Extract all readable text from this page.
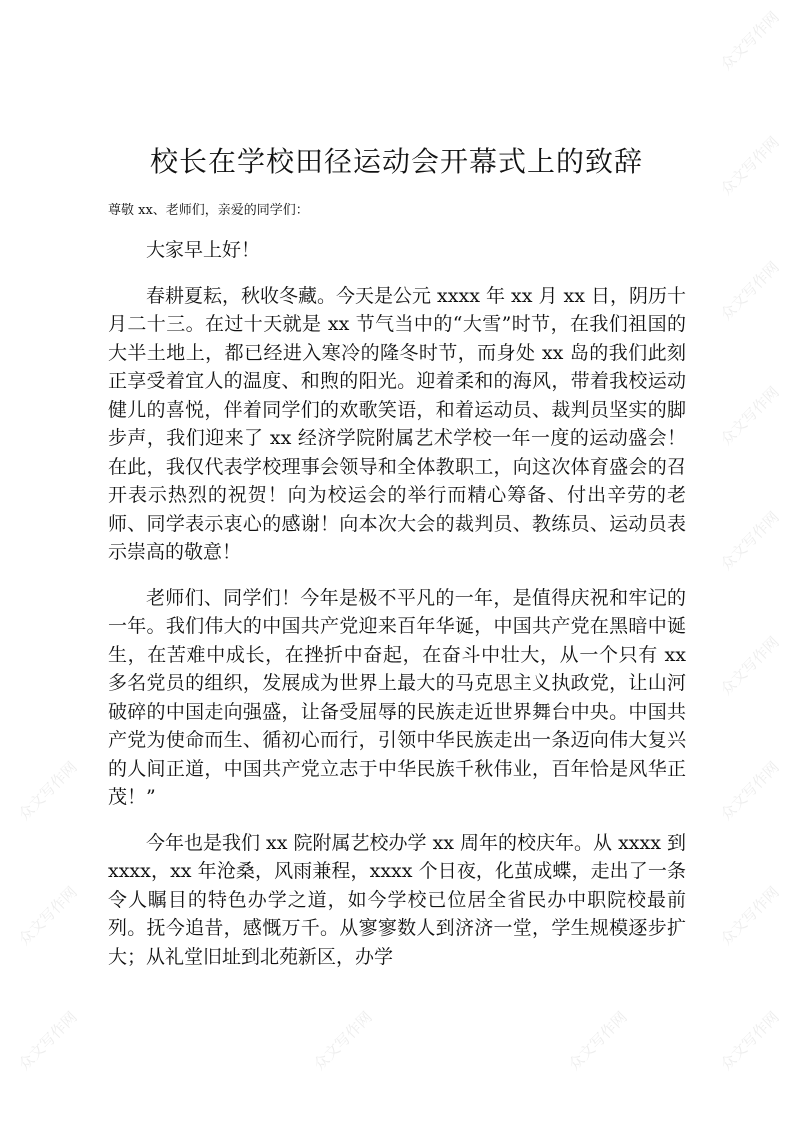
众文写作网
众文写作网
众文写作网
众文写作网
众文写作网
众文写作网
众文写作网
众文写作网
众文写作网
众文写作网
众文写作网
众文写作网	众文写作网	众文写作网
校长在学校田径运动会开幕式上的致辞
尊敬 xx、老师们，亲爱的同学们：

大家早上好！

春耕夏耘，秋收冬藏。今天是公元 xxxx 年 xx 月 xx 日，阴历十月二十三。在过十天就是 xx 节气当中的“大雪”时节，在我们祖国的大半土地上，都已经进入寒冷的隆冬时节，而身处 xx 岛的我们此刻正享受着宜人的温度、和煦的阳光。迎着柔和的海风，带着我校运动健儿的喜悦，伴着同学们的欢歌笑语，和着运动员、裁判员坚实的脚步声，我们迎来了 xx 经济学院附属艺术学校一年一度的运动盛会！在此，我仅代表学校理事会领导和全体教职工，向这次体育盛会的召开表示热烈的祝贺！向为校运会的举行而精心筹备、付出辛劳的老师、同学表示衷心的感谢！向本次大会的裁判员、教练员、运动员表示崇高的敬意！

老师们、同学们！今年是极不平凡的一年，是值得庆祝和牢记的一年。我们伟大的中国共产党迎来百年华诞，中国共产党在黑暗中诞生，在苦难中成长，在挫折中奋起，在奋斗中壮大，从一个只有 xx 多名党员的组织，发展成为世界上最大的马克思主义执政党，让山河破碎的中国走向强盛，让备受屈辱的民族走近世界舞台中央。中国共产党为使命而生、循初心而行，引领中华民族走出一条迈向伟大复兴的人间正道，中国共产党立志于中华民族千秋伟业，百年恰是风华正茂！”

今年也是我们 xx 院附属艺校办学 xx 周年的校庆年。从 xxxx 到 xxxx，xx 年沧桑，风雨兼程，xxxx 个日夜，化茧成蝶，走出了一条令人瞩目的特色办学之道，如今学校已位居全省民办中职院校最前列。抚今追昔，感慨万千。从寥寥数人到济济一堂，学生规模逐步扩大；从礼堂旧址到北苑新区，办学
